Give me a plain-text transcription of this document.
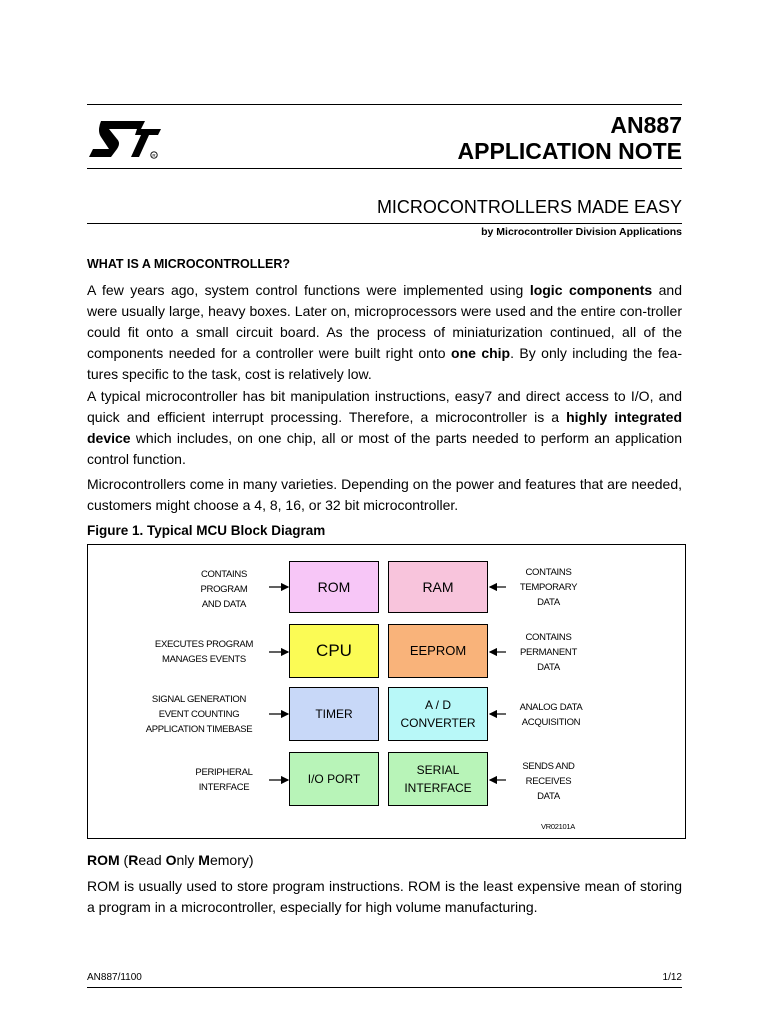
R
AN887
APPLICATION NOTE
MICROCONTROLLERS MADE EASY
by Microcontroller Division Applications
WHAT IS A MICROCONTROLLER?

A few years ago, system control functions were implemented using logic components and were usually large, heavy boxes. Later on, microprocessors were used and the entire con-troller could fit onto a small circuit board. As the process of miniaturization continued, all of the components needed for a controller were built right onto one chip. By only including the fea-tures specific to the task, cost is relatively low.

A typical microcontroller has bit manipulation instructions, easy7 and direct access to I/O, and quick and efficient interrupt processing. Therefore, a microcontroller is a highly integrated device which includes, on one chip, all or most of the parts needed to perform an application control function.

Microcontrollers come in many varieties. Depending on the power and features that are needed, customers might choose a 4, 8, 16, or 32 bit microcontroller.

Figure 1. Typical MCU Block Diagram
ROM	RAM
CPU	EEPROM
TIMER
A / D
CONVERTER
I/O PORT
SERIAL
INTERFACE
CONTAINS
PROGRAM
AND DATA
EXECUTES PROGRAM
MANAGES EVENTS
SIGNAL GENERATION
EVENT COUNTING
APPLICATION TIMEBASE
PERIPHERAL
INTERFACE
CONTAINS
TEMPORARY
DATA
CONTAINS
PERMANENT
DATA
ANALOG DATA
ACQUISITION
SENDS AND
RECEIVES
DATA
VR02101A
ROM (Read Only Memory)

ROM is usually used to store program instructions. ROM is the least expensive mean of storing a program in a microcontroller, especially for high volume manufacturing.

AN887/1100	1/12
